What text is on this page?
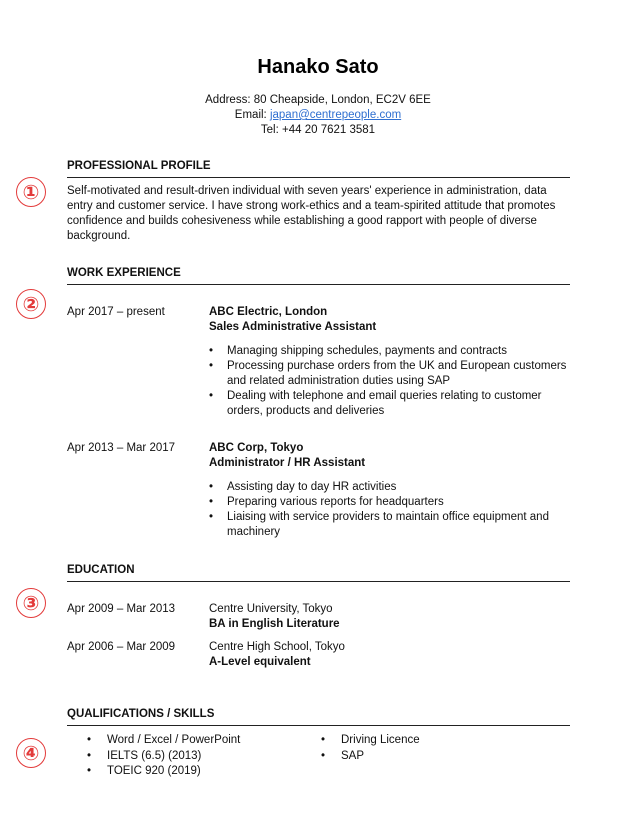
Hanako Sato
Address: 80 Cheapside, London, EC2V 6EE
Email: japan@centrepeople.com
Tel: +44 20 7621 3581
PROFESSIONAL PROFILE
①	Self-motivated and result-driven individual with seven years' experience in administration, data entry and customer service. I have strong work-ethics and a team-spirited attitude that promotes confidence and builds cohesiveness while establishing a good rapport with people of diverse background.
WORK EXPERIENCE
②	Apr 2017 – present	ABC Electric, London
Sales Administrative Assistant
• Managing shipping schedules, payments and contracts
• Processing purchase orders from the UK and European customers and related administration duties using SAP
• Dealing with telephone and email queries relating to customer orders, products and deliveries
Apr 2013 – Mar 2017	ABC Corp, Tokyo
Administrator / HR Assistant
• Assisting day to day HR activities
• Preparing various reports for headquarters
• Liaising with service providers to maintain office equipment and machinery
EDUCATION
③	Apr 2009 – Mar 2013	Centre University, Tokyo
BA in English Literature
Apr 2006 – Mar 2009	Centre High School, Tokyo
A-Level equivalent
QUALIFICATIONS / SKILLS
④
• Word / Excel / PowerPoint
• IELTS (6.5) (2013)
• TOEIC 920 (2019)
• Driving Licence
• SAP
